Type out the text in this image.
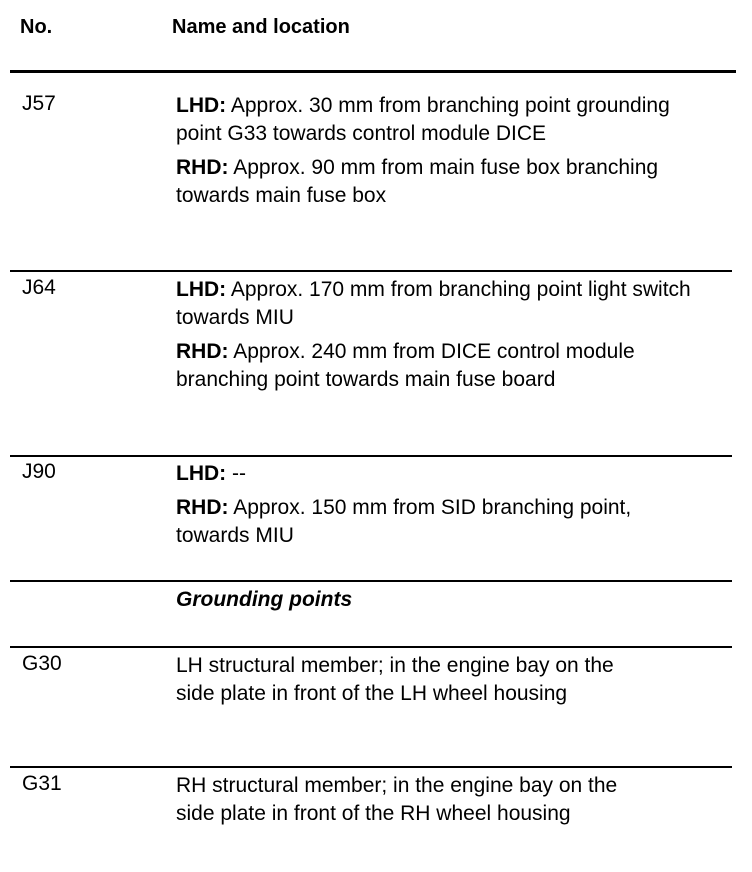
No.	Name and location
J57	LHD: Approx. 30 mm from branching point grounding point G33 towards control module DICE

RHD: Approx. 90 mm from main fuse box branching towards main fuse box

J64	LHD: Approx. 170 mm from branching point light switch towards MIU

RHD: Approx. 240 mm from DICE control module branching point towards main fuse board

J90	LHD: --

RHD: Approx. 150 mm from SID branching point, towards MIU

Grounding points
G30	LH structural member; in the engine bay on the side plate in front of the LH wheel housing

G31	RH structural member; in the engine bay on the side plate in front of the RH wheel housing
